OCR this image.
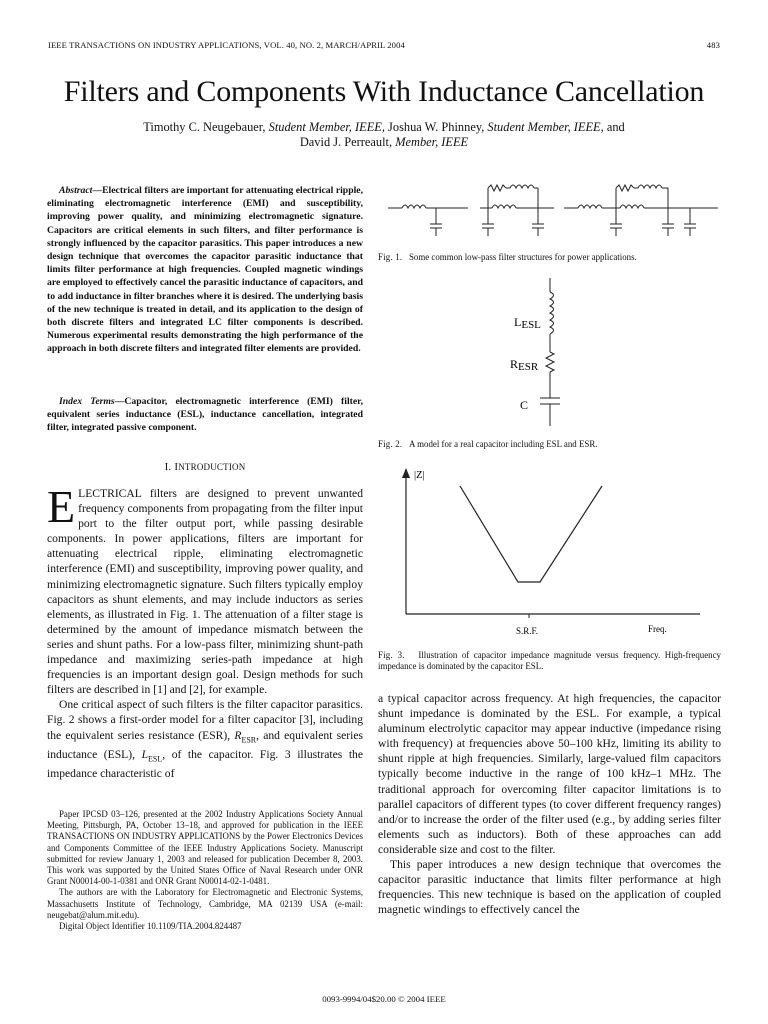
IEEE TRANSACTIONS ON INDUSTRY APPLICATIONS, VOL. 40, NO. 2, MARCH/APRIL 2004	483
Filters and Components With Inductance Cancellation
Timothy C. Neugebauer, Student Member, IEEE, Joshua W. Phinney, Student Member, IEEE, and
David J. Perreault, Member, IEEE
Abstract—Electrical filters are important for attenuating electrical ripple, eliminating electromagnetic interference (EMI) and susceptibility, improving power quality, and minimizing electromagnetic signature. Capacitors are critical elements in such filters, and filter performance is strongly influenced by the capacitor parasitics. This paper introduces a new design technique that overcomes the capacitor parasitic inductance that limits filter performance at high frequencies. Coupled magnetic windings are employed to effectively cancel the parasitic inductance of capacitors, and to add inductance in filter branches where it is desired. The underlying basis of the new technique is treated in detail, and its application to the design of both discrete filters and integrated LC filter components is described. Numerous experimental results demonstrating the high performance of the approach in both discrete filters and integrated filter elements are provided.
Index Terms—Capacitor, electromagnetic interference (EMI) filter, equivalent series inductance (ESL), inductance cancellation, integrated filter, integrated passive component.
I. INTRODUCTION

ELECTRICAL filters are designed to prevent unwanted frequency components from propagating from the filter input port to the filter output port, while passing desirable components. In power applications, filters are important for attenuating electrical ripple, eliminating electromagnetic interference (EMI) and susceptibility, improving power quality, and minimizing electromagnetic signature. Such filters typically employ capacitors as shunt elements, and may include inductors as series elements, as illustrated in Fig. 1. The attenuation of a filter stage is determined by the amount of impedance mismatch between the series and shunt paths. For a low-pass filter, minimizing shunt-path impedance and maximizing series-path impedance at high frequencies is an important design goal. Design methods for such filters are described in [1] and [2], for example.

One critical aspect of such filters is the filter capacitor parasitics. Fig. 2 shows a first-order model for a filter capacitor [3], including the equivalent series resistance (ESR), $R_{ESR}$, and equivalent series inductance (ESL), $L_{ESL}$, of the capacitor. Fig. 3 illustrates the impedance characteristic of

Paper IPCSD 03–126, presented at the 2002 Industry Applications Society Annual Meeting, Pittsburgh, PA, October 13–18, and approved for publication in the IEEE TRANSACTIONS ON INDUSTRY APPLICATIONS by the Power Electronics Devices and Components Committee of the IEEE Industry Applications Society. Manuscript submitted for review January 1, 2003 and released for publication December 8, 2003. This work was supported by the United States Office of Naval Research under ONR Grant N00014-00-1-0381 and ONR Grant N00014-02-1-0481.

The authors are with the Laboratory for Electromagnetic and Electronic Systems, Massachusetts Institute of Technology, Cambridge, MA 02139 USA (e-mail: neugebat@alum.mit.edu).

Digital Object Identifier 10.1109/TIA.2004.824487

Fig. 1. Some common low-pass filter structures for power applications.
LESL
RESR
C
Fig. 2. A model for a real capacitor including ESL and ESR.
|Z|
S.R.F.	Freq.
Fig. 3. Illustration of capacitor impedance magnitude versus frequency. High-frequency impedance is dominated by the capacitor ESL.

a typical capacitor across frequency. At high frequencies, the capacitor shunt impedance is dominated by the ESL. For example, a typical aluminum electrolytic capacitor may appear inductive (impedance rising with frequency) at frequencies above 50–100 kHz, limiting its ability to shunt ripple at high frequencies. Similarly, large-valued film capacitors typically become inductive in the range of 100 kHz–1 MHz. The traditional approach for overcoming filter capacitor limitations is to parallel capacitors of different types (to cover different frequency ranges) and/or to increase the order of the filter used (e.g., by adding series filter elements such as inductors). Both of these approaches can add considerable size and cost to the filter.

This paper introduces a new design technique that overcomes the capacitor parasitic inductance that limits filter performance at high frequencies. This new technique is based on the application of coupled magnetic windings to effectively cancel the

0093-9994/04$20.00 © 2004 IEEE
